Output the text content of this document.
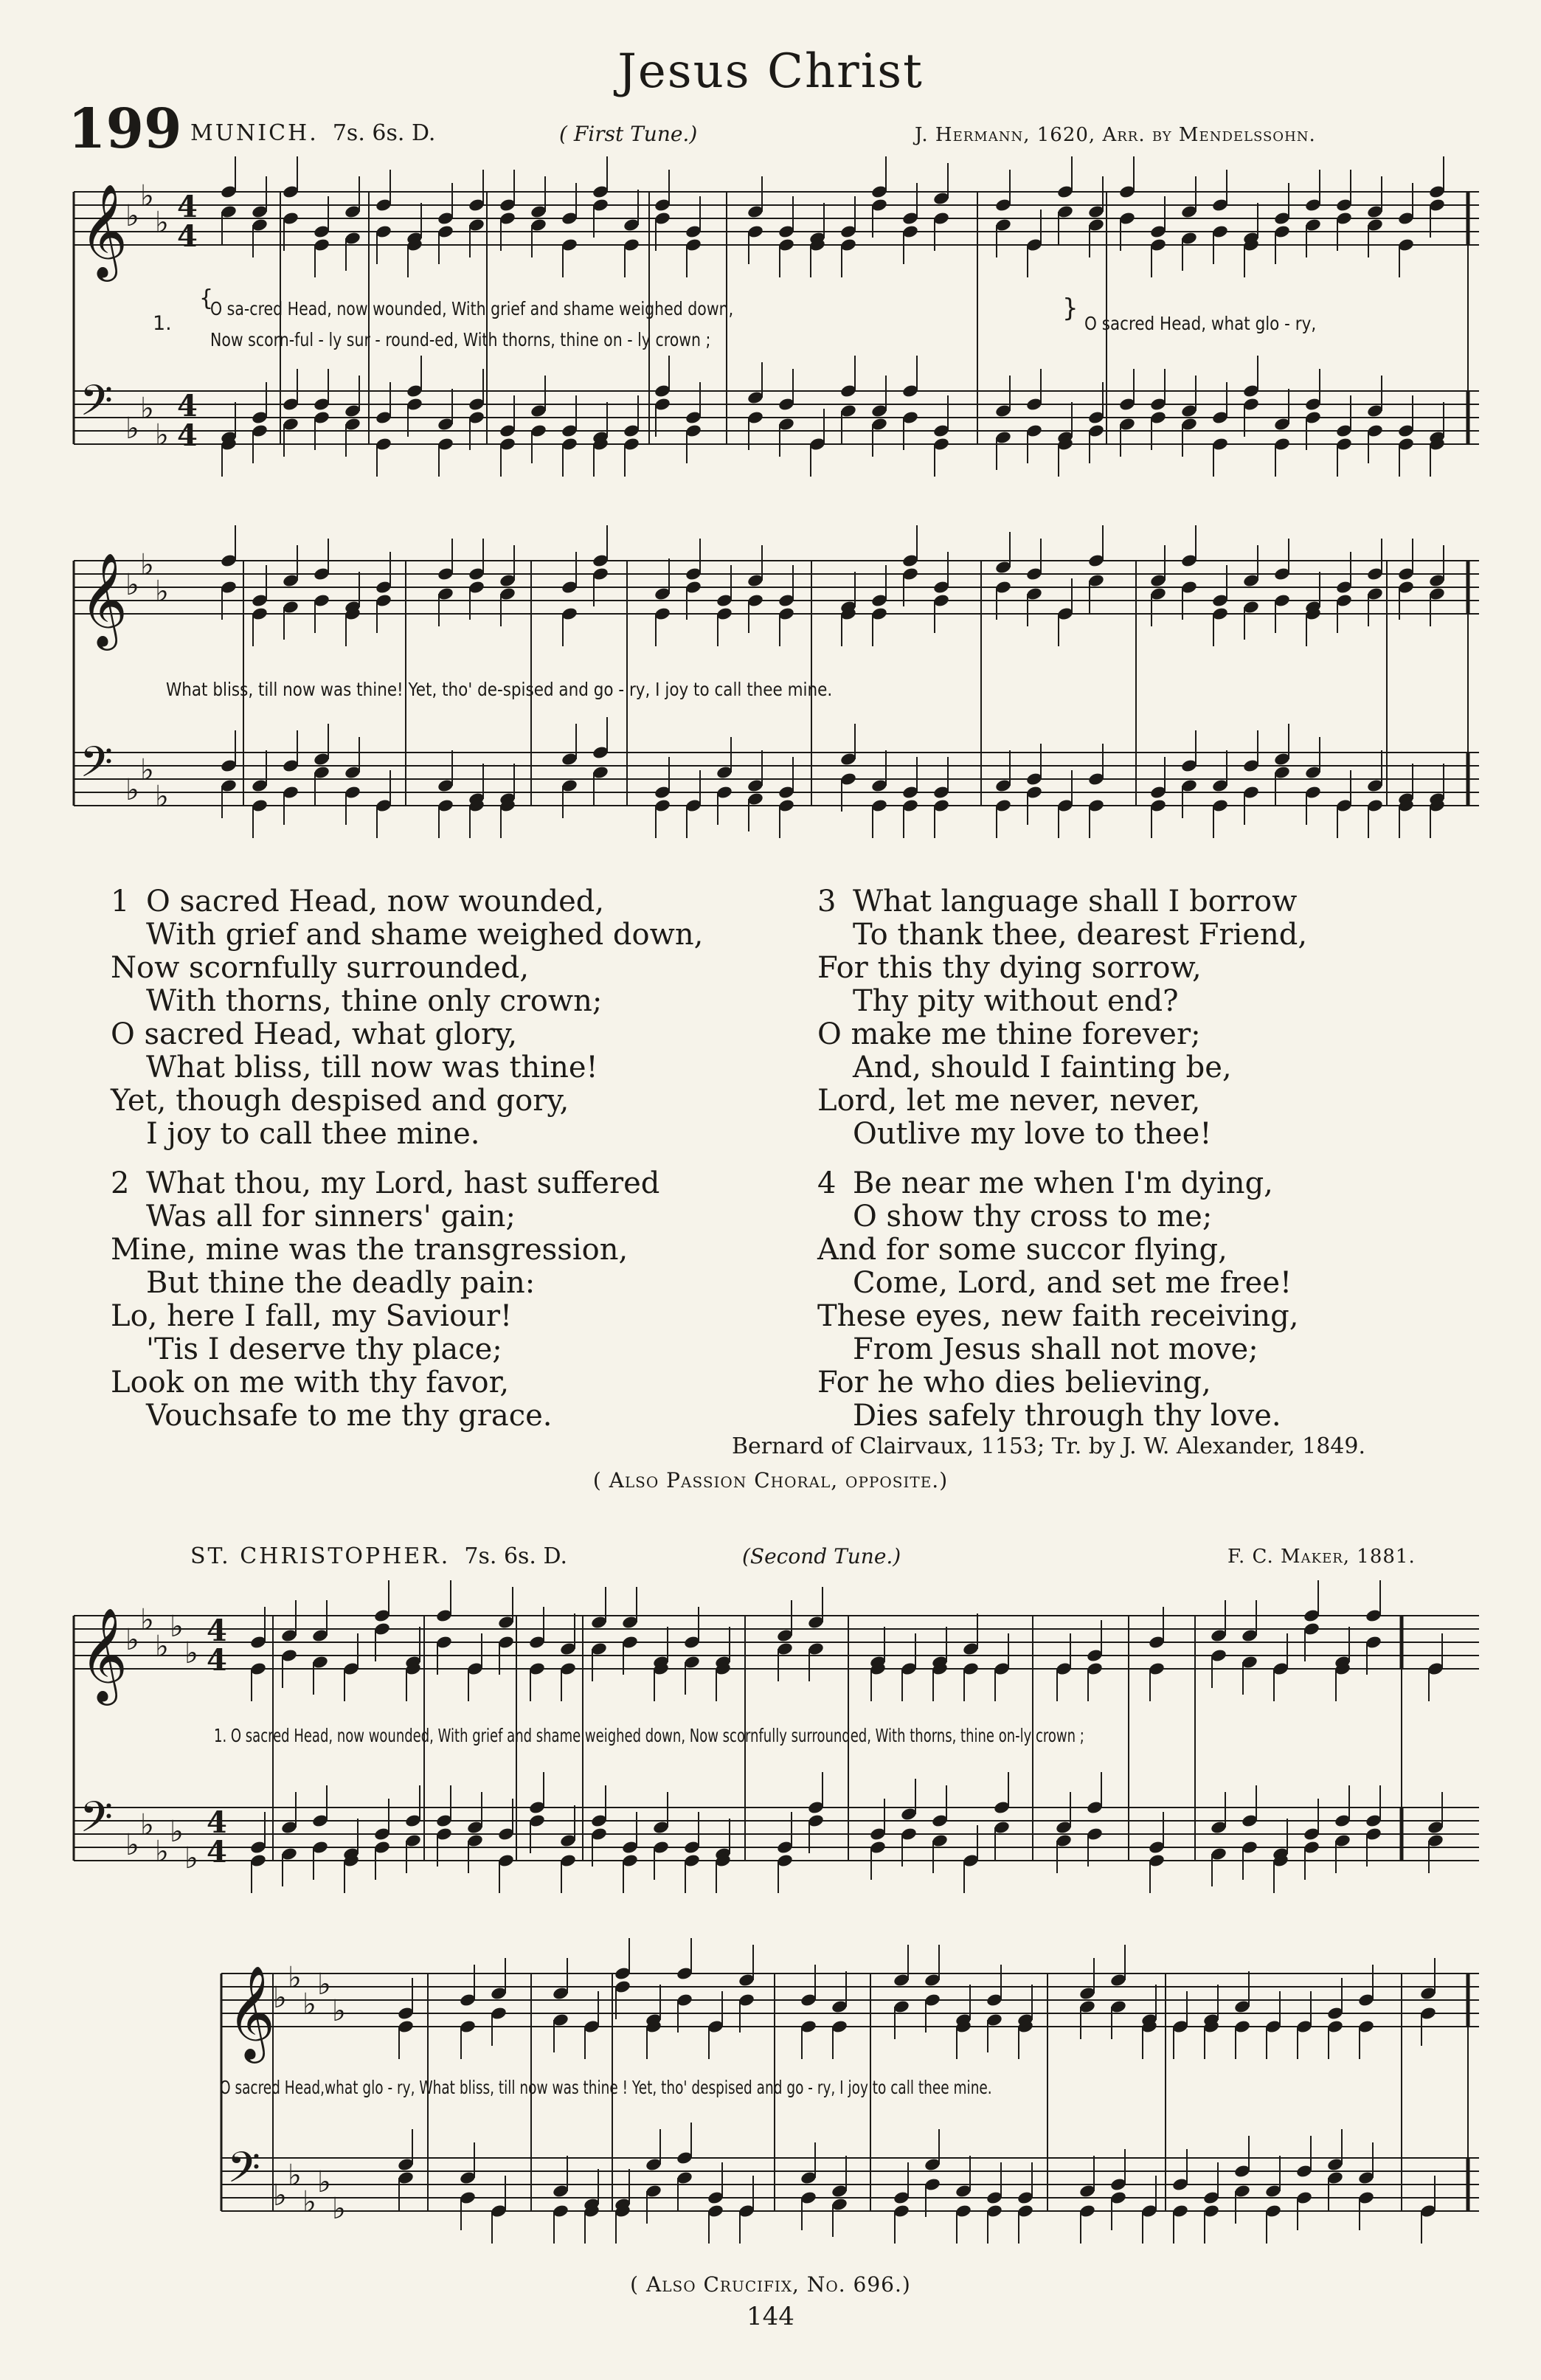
Jesus Christ
199 MUNICH. 7s. 6s. D.	( First Tune.)	J. Hermann, 1620, Arr. by Mendelssohn.
𝄞
♭
♭
♭ 4
4
1.
{
O sa-cred Head, now wounded, With grief and shame weighed down,
Now scorn-ful - ly sur - round-ed, With thorns, thine on - ly crown ;
}
O sacred Head, what glo - ry,
𝄢 ♭
♭
♭
4
4
𝄞
♭
♭
♭
What bliss, till now was thine! Yet, tho' de-spised and go - ry, I joy to call thee mine.
𝄢 ♭
♭
♭
1 O sacred Head, now wounded,
With grief and shame weighed down,
Now scornfully surrounded,
With thorns, thine only crown;
O sacred Head, what glory,
What bliss, till now was thine!
Yet, though despised and gory,
I joy to call thee mine.
2 What thou, my Lord, hast suffered
Was all for sinners' gain;
Mine, mine was the transgression,
But thine the deadly pain:
Lo, here I fall, my Saviour!
'Tis I deserve thy place;
Look on me with thy favor,
Vouchsafe to me thy grace.
3 What language shall I borrow
To thank thee, dearest Friend,
For this thy dying sorrow,
Thy pity without end?
O make me thine forever;
And, should I fainting be,
Lord, let me never, never,
Outlive my love to thee!
4 Be near me when I'm dying,
O show thy cross to me;
And for some succor flying,
Come, Lord, and set me free!
These eyes, new faith receiving,
From Jesus shall not move;
For he who dies believing,
Dies safely through thy love.
Bernard of Clairvaux, 1153; Tr. by J. W. Alexander, 1849.
( Also Passion Choral, opposite.)
ST. CHRISTOPHER. 7s. 6s. D.	(Second Tune.)	F. C. Maker, 1881.
𝄞
♭
♭
♭
♭
♭
4
4
1. O sacred Head, now wounded, With grief and shame weighed down, Now scornfully surrounded, With thorns, thine on-ly crown ;
𝄢 ♭
♭
♭
♭
♭
4
4
𝄞
♭
♭
♭
♭
♭
O sacred Head,what glo - ry, What bliss, till now was thine ! Yet, tho' despised and go - ry, I joy to call thee mine.
𝄢 ♭
♭
♭
♭
♭
( Also Crucifix, No. 696.)
144
